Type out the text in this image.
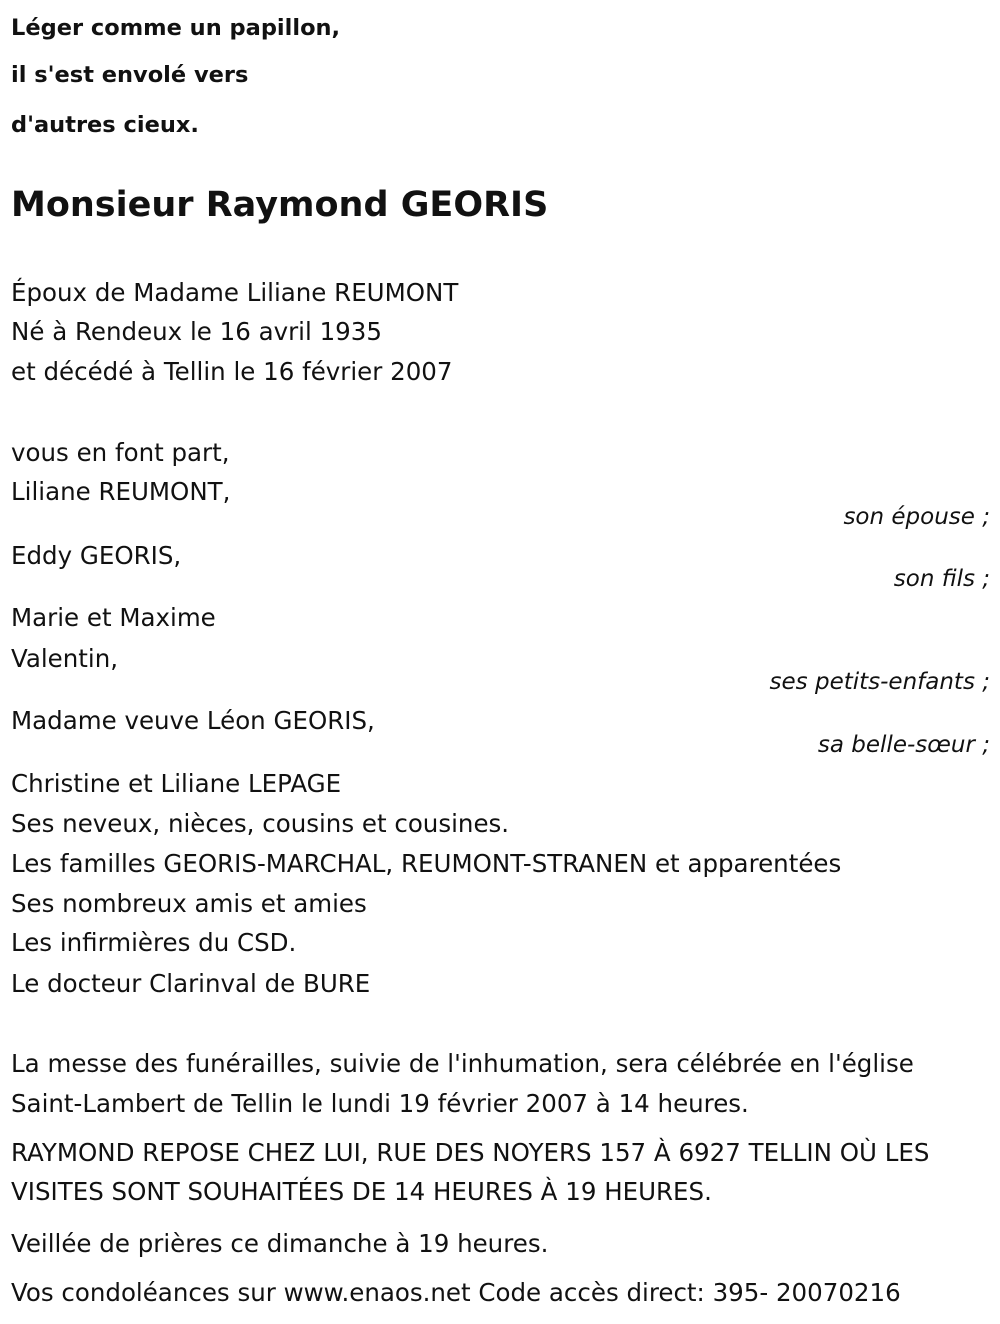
Léger comme un papillon,
il s'est envolé vers
d'autres cieux.
Monsieur Raymond GEORIS
Époux de Madame Liliane REUMONT
Né à Rendeux le 16 avril 1935
et décédé à Tellin le 16 février 2007
vous en font part,
Liliane REUMONT,
son épouse ;
Eddy GEORIS,
son fils ;
Marie et Maxime
Valentin,
ses petits-enfants ;
Madame veuve Léon GEORIS,
sa belle-sœur ;
Christine et Liliane LEPAGE
Ses neveux, nièces, cousins et cousines.
Les familles GEORIS-MARCHAL, REUMONT-STRANEN et apparentées
Ses nombreux amis et amies
Les infirmières du CSD.
Le docteur Clarinval de BURE
La messe des funérailles, suivie de l'inhumation, sera célébrée en l'église
Saint-Lambert de Tellin le lundi 19 février 2007 à 14 heures.
RAYMOND REPOSE CHEZ LUI, RUE DES NOYERS 157 À 6927 TELLIN OÙ LES
VISITES SONT SOUHAITÉES DE 14 HEURES À 19 HEURES.
Veillée de prières ce dimanche à 19 heures.
Vos condoléances sur www.enaos.net Code accès direct: 395- 20070216
